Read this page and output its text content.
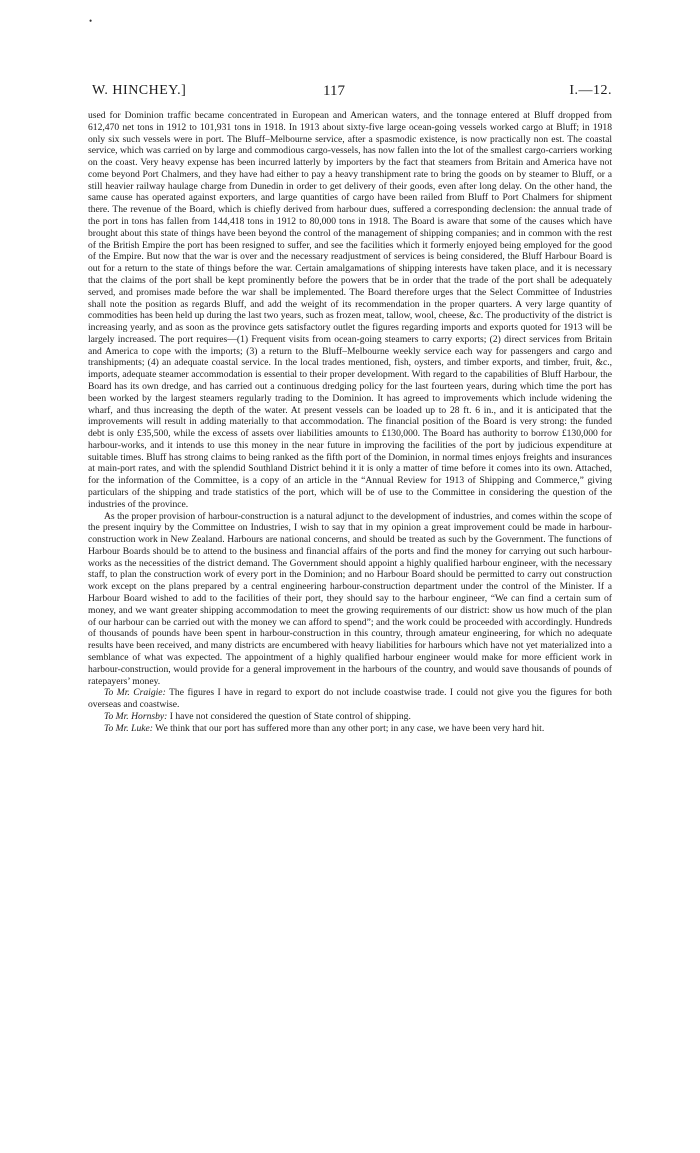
•
W. HINCHEY.]	117	I.—12.

used for Dominion traffic became concentrated in European and American waters, and the tonnage entered at Bluff dropped from 612,470 net tons in 1912 to 101,931 tons in 1918. In 1913 about sixty-five large ocean-going vessels worked cargo at Bluff; in 1918 only six such vessels were in port. The Bluff–Melbourne service, after a spasmodic existence, is now practically non est. The coastal service, which was carried on by large and commodious cargo-vessels, has now fallen into the lot of the smallest cargo-carriers working on the coast. Very heavy expense has been incurred latterly by importers by the fact that steamers from Britain and America have not come beyond Port Chalmers, and they have had either to pay a heavy transhipment rate to bring the goods on by steamer to Bluff, or a still heavier railway haulage charge from Dunedin in order to get delivery of their goods, even after long delay. On the other hand, the same cause has operated against exporters, and large quantities of cargo have been railed from Bluff to Port Chalmers for shipment there. The revenue of the Board, which is chiefly derived from harbour dues, suffered a corresponding declension: the annual trade of the port in tons has fallen from 144,418 tons in 1912 to 80,000 tons in 1918. The Board is aware that some of the causes which have brought about this state of things have been beyond the control of the management of shipping companies; and in common with the rest of the British Empire the port has been resigned to suffer, and see the facilities which it formerly enjoyed being employed for the good of the Empire. But now that the war is over and the necessary readjustment of services is being considered, the Bluff Harbour Board is out for a return to the state of things before the war. Certain amalgamations of shipping interests have taken place, and it is necessary that the claims of the port shall be kept prominently before the powers that be in order that the trade of the port shall be adequately served, and promises made before the war shall be implemented. The Board therefore urges that the Select Committee of Industries shall note the position as regards Bluff, and add the weight of its recommendation in the proper quarters. A very large quantity of commodities has been held up during the last two years, such as frozen meat, tallow, wool, cheese, &c. The productivity of the district is increasing yearly, and as soon as the province gets satisfactory outlet the figures regarding imports and exports quoted for 1913 will be largely increased. The port requires—(1) Frequent visits from ocean-going steamers to carry exports; (2) direct services from Britain and America to cope with the imports; (3) a return to the Bluff–Melbourne weekly service each way for passengers and cargo and transhipments; (4) an adequate coastal service. In the local trades mentioned, fish, oysters, and timber exports, and timber, fruit, &c., imports, adequate steamer accommodation is essential to their proper development. With regard to the capabilities of Bluff Harbour, the Board has its own dredge, and has carried out a continuous dredging policy for the last fourteen years, during which time the port has been worked by the largest steamers regularly trading to the Dominion. It has agreed to improvements which include widening the wharf, and thus increasing the depth of the water. At present vessels can be loaded up to 28 ft. 6 in., and it is anticipated that the improvements will result in adding materially to that accommodation. The financial position of the Board is very strong: the funded debt is only £35,500, while the excess of assets over liabilities amounts to £130,000. The Board has authority to borrow £130,000 for harbour-works, and it intends to use this money in the near future in improving the facilities of the port by judicious expenditure at suitable times. Bluff has strong claims to being ranked as the fifth port of the Dominion, in normal times enjoys freights and insurances at main-port rates, and with the splendid Southland District behind it it is only a matter of time before it comes into its own. Attached, for the information of the Committee, is a copy of an article in the “Annual Review for 1913 of Shipping and Commerce,” giving particulars of the shipping and trade statistics of the port, which will be of use to the Committee in considering the question of the industries of the province.

As the proper provision of harbour-construction is a natural adjunct to the development of industries, and comes within the scope of the present inquiry by the Committee on Industries, I wish to say that in my opinion a great improvement could be made in harbour-construction work in New Zealand. Harbours are national concerns, and should be treated as such by the Government. The functions of Harbour Boards should be to attend to the business and financial affairs of the ports and find the money for carrying out such harbour-works as the necessities of the district demand. The Government should appoint a highly qualified harbour engineer, with the necessary staff, to plan the construction work of every port in the Dominion; and no Harbour Board should be permitted to carry out construction work except on the plans prepared by a central engineering harbour-construction department under the control of the Minister. If a Harbour Board wished to add to the facilities of their port, they should say to the harbour engineer, “We can find a certain sum of money, and we want greater shipping accommodation to meet the growing requirements of our district: show us how much of the plan of our harbour can be carried out with the money we can afford to spend”; and the work could be proceeded with accordingly. Hundreds of thousands of pounds have been spent in harbour-construction in this country, through amateur engineering, for which no adequate results have been received, and many districts are encumbered with heavy liabilities for harbours which have not yet materialized into a semblance of what was expected. The appointment of a highly qualified harbour engineer would make for more efficient work in harbour-construction, would provide for a general improvement in the harbours of the country, and would save thousands of pounds of ratepayers’ money.

To Mr. Craigie: The figures I have in regard to export do not include coastwise trade. I could not give you the figures for both overseas and coastwise.

To Mr. Hornsby: I have not considered the question of State control of shipping.

To Mr. Luke: We think that our port has suffered more than any other port; in any case, we have been very hard hit.
